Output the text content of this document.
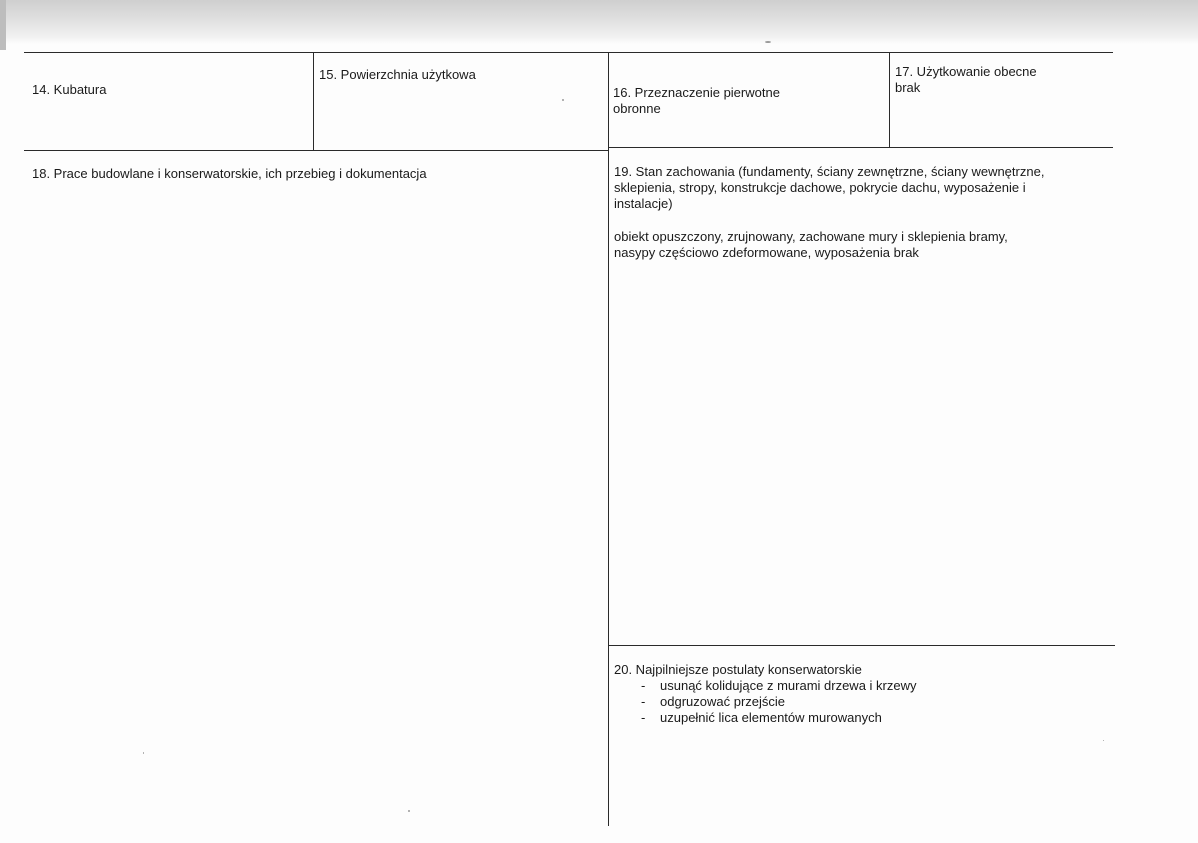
14. Kubatura
15. Powierzchnia użytkowa
16. Przeznaczenie pierwotne
obronne
17. Użytkowanie obecne
brak
18. Prace budowlane i konserwatorskie, ich przebieg i dokumentacja	19. Stan zachowania (fundamenty, ściany zewnętrzne, ściany wewnętrzne,
sklepienia, stropy, konstrukcje dachowe, pokrycie dachu, wyposażenie i
instalacje)
obiekt opuszczony, zrujnowany, zachowane mury i sklepienia bramy,
nasypy częściowo zdeformowane, wyposażenia brak
20. Najpilniejsze postulaty konserwatorskie
- usunąć kolidujące z murami drzewa i krzewy
- odgruzować przejście
- uzupełnić lica elementów murowanych
